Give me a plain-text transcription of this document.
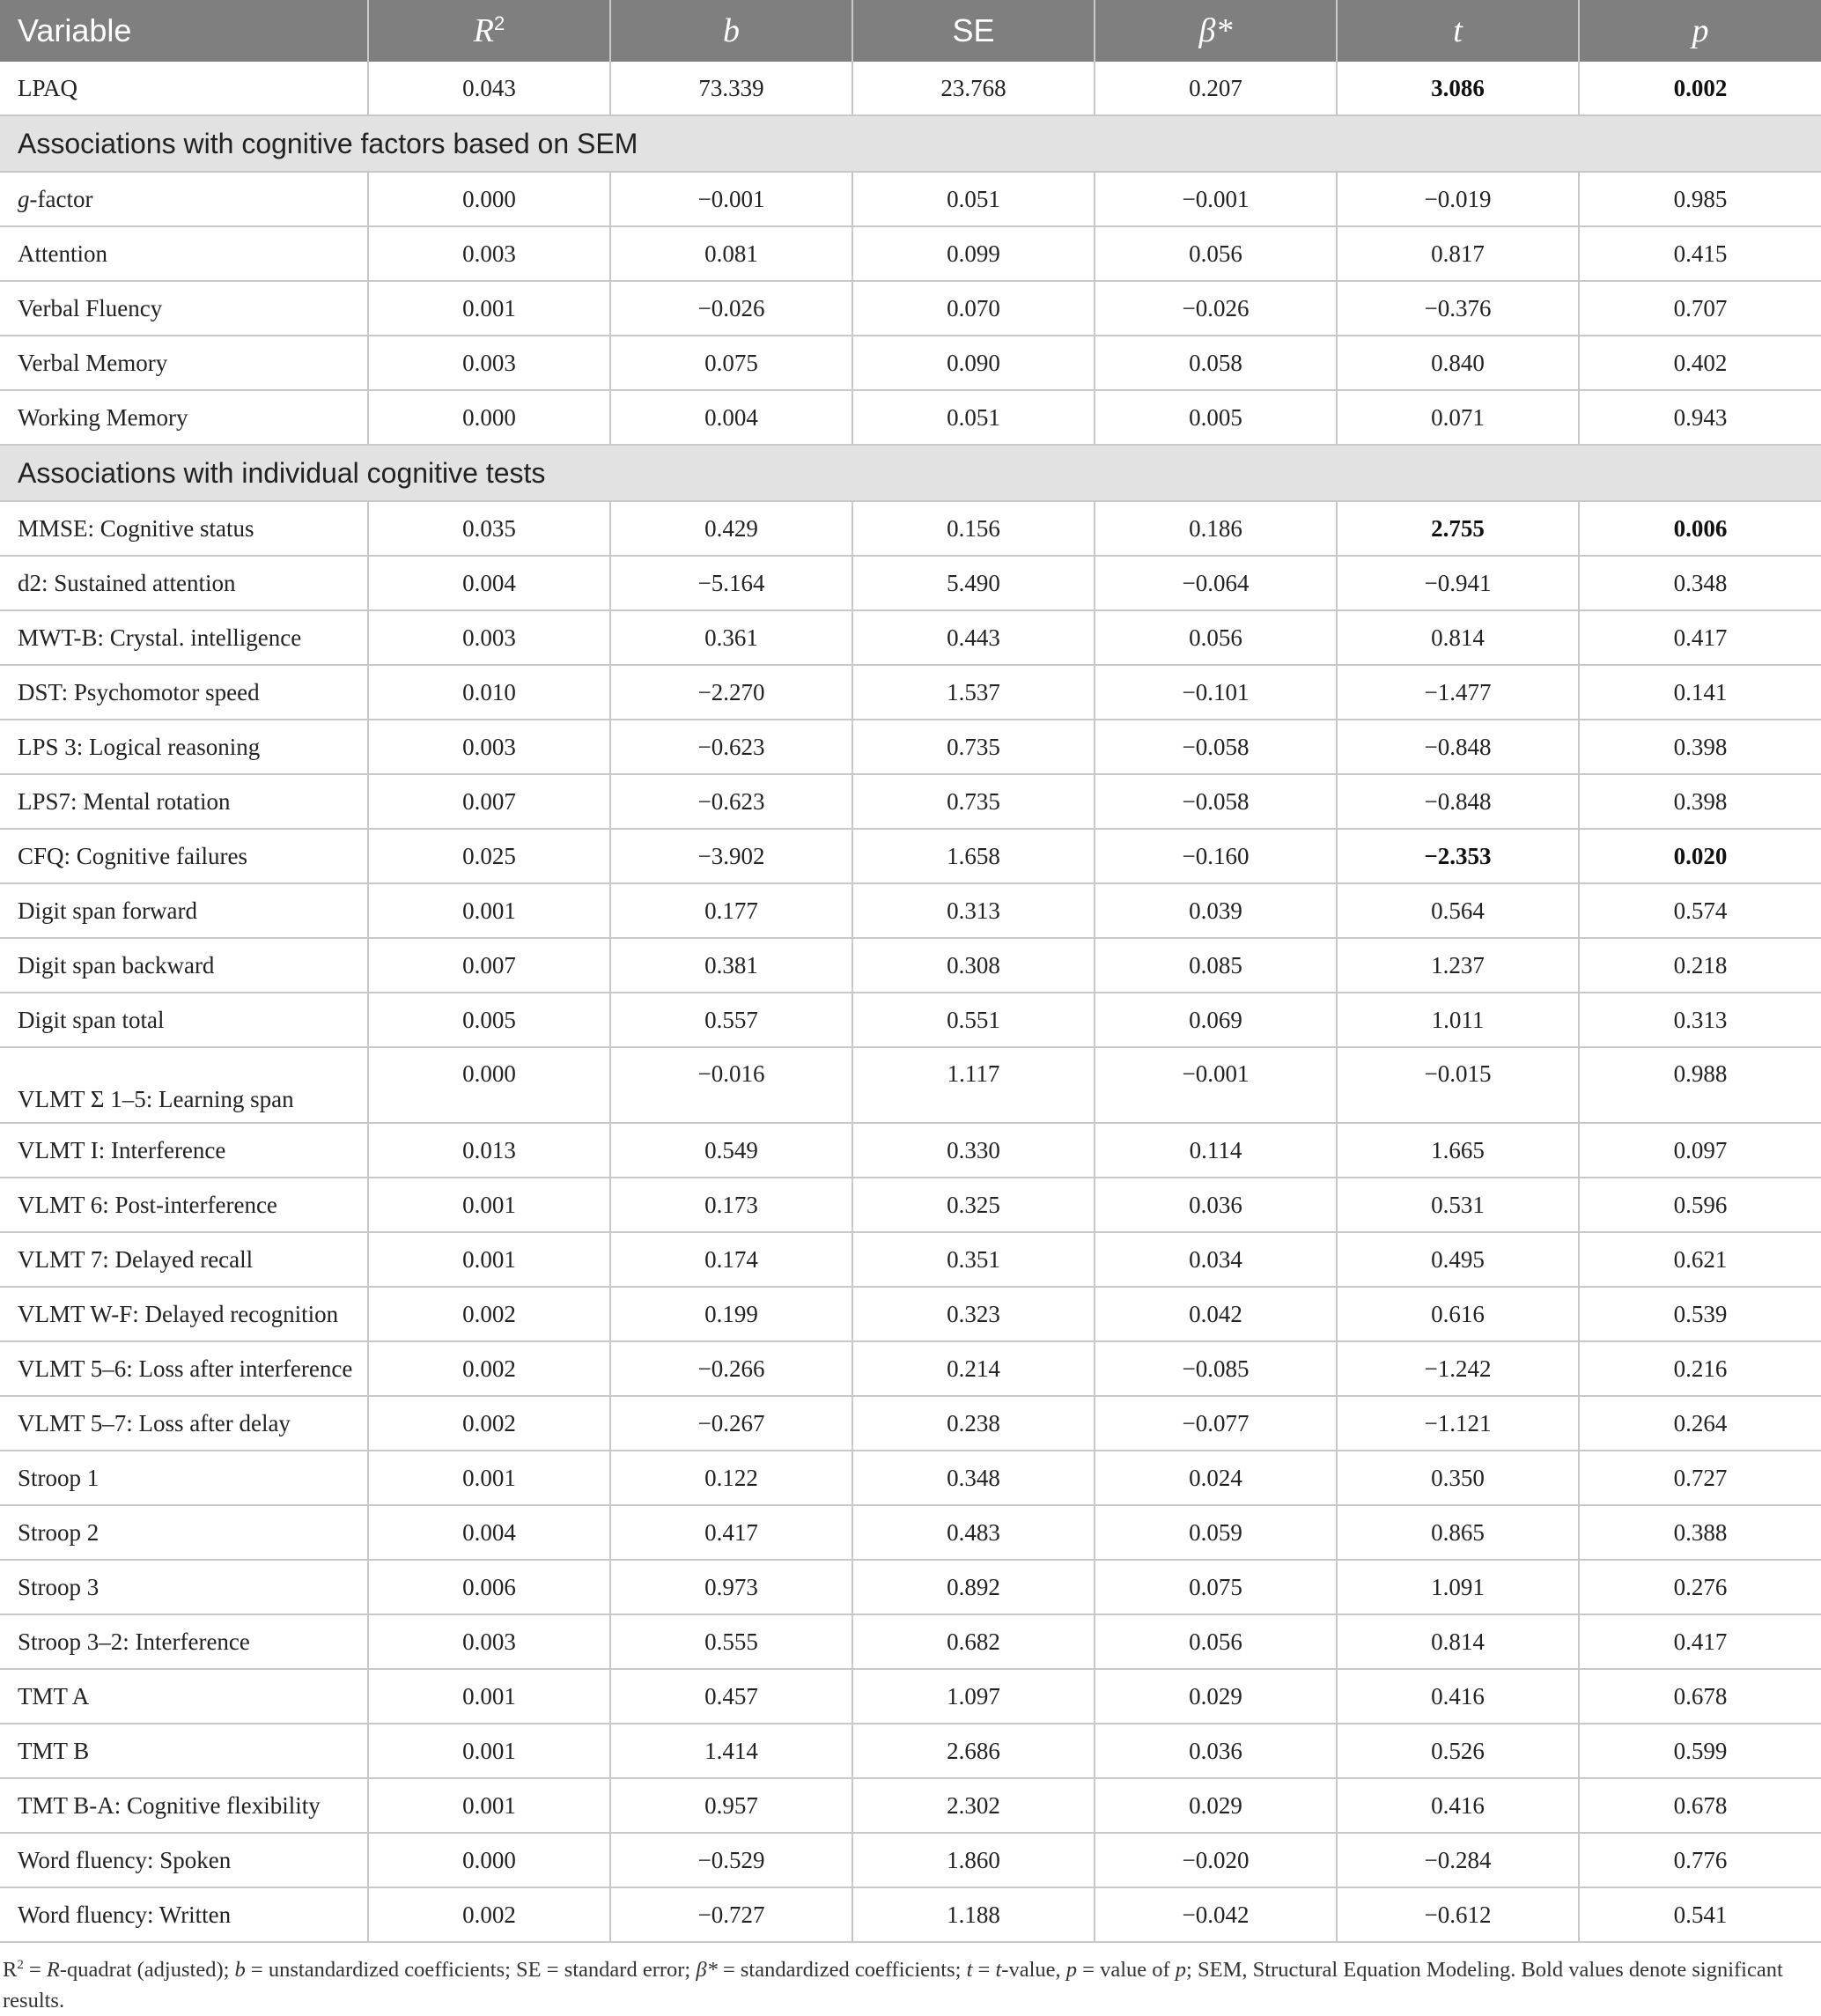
Variable	$R^2$	b	SE	β*	t	p
LPAQ	0.043	73.339	23.768	0.207	3.086	0.002
Associations with cognitive factors based on SEM						
g-factor	0.000	−0.001	0.051	−0.001	−0.019	0.985
Attention	0.003	0.081	0.099	0.056	0.817	0.415
Verbal Fluency	0.001	−0.026	0.070	−0.026	−0.376	0.707
Verbal Memory	0.003	0.075	0.090	0.058	0.840	0.402
Working Memory	0.000	0.004	0.051	0.005	0.071	0.943
Associations with individual cognitive tests						
MMSE: Cognitive status	0.035	0.429	0.156	0.186	2.755	0.006
d2: Sustained attention	0.004	−5.164	5.490	−0.064	−0.941	0.348
MWT-B: Crystal. intelligence	0.003	0.361	0.443	0.056	0.814	0.417
DST: Psychomotor speed	0.010	−2.270	1.537	−0.101	−1.477	0.141
LPS 3: Logical reasoning	0.003	−0.623	0.735	−0.058	−0.848	0.398
LPS7: Mental rotation	0.007	−0.623	0.735	−0.058	−0.848	0.398
CFQ: Cognitive failures	0.025	−3.902	1.658	−0.160	−2.353	0.020
Digit span forward	0.001	0.177	0.313	0.039	0.564	0.574
Digit span backward	0.007	0.381	0.308	0.085	1.237	0.218
Digit span total	0.005	0.557	0.551	0.069	1.011	0.313
VLMT Σ 1–5: Learning span	0.000	−0.016	1.117	−0.001	−0.015	0.988
VLMT I: Interference	0.013	0.549	0.330	0.114	1.665	0.097
VLMT 6: Post-interference	0.001	0.173	0.325	0.036	0.531	0.596
VLMT 7: Delayed recall	0.001	0.174	0.351	0.034	0.495	0.621
VLMT W-F: Delayed recognition	0.002	0.199	0.323	0.042	0.616	0.539
VLMT 5–6: Loss after interference	0.002	−0.266	0.214	−0.085	−1.242	0.216
VLMT 5–7: Loss after delay	0.002	−0.267	0.238	−0.077	−1.121	0.264
Stroop 1	0.001	0.122	0.348	0.024	0.350	0.727
Stroop 2	0.004	0.417	0.483	0.059	0.865	0.388
Stroop 3	0.006	0.973	0.892	0.075	1.091	0.276
Stroop 3–2: Interference	0.003	0.555	0.682	0.056	0.814	0.417
TMT A	0.001	0.457	1.097	0.029	0.416	0.678
TMT B	0.001	1.414	2.686	0.036	0.526	0.599
TMT B-A: Cognitive flexibility	0.001	0.957	2.302	0.029	0.416	0.678
Word fluency: Spoken	0.000	−0.529	1.860	−0.020	−0.284	0.776
Word fluency: Written	0.002	−0.727	1.188	−0.042	−0.612	0.541
$R^2$ = R-quadrat (adjusted); b = unstandardized coefficients; SE = standard error; β* = standardized coefficients; t = t-value, p = value of p; SEM, Structural Equation Modeling. Bold values denote significant results.
